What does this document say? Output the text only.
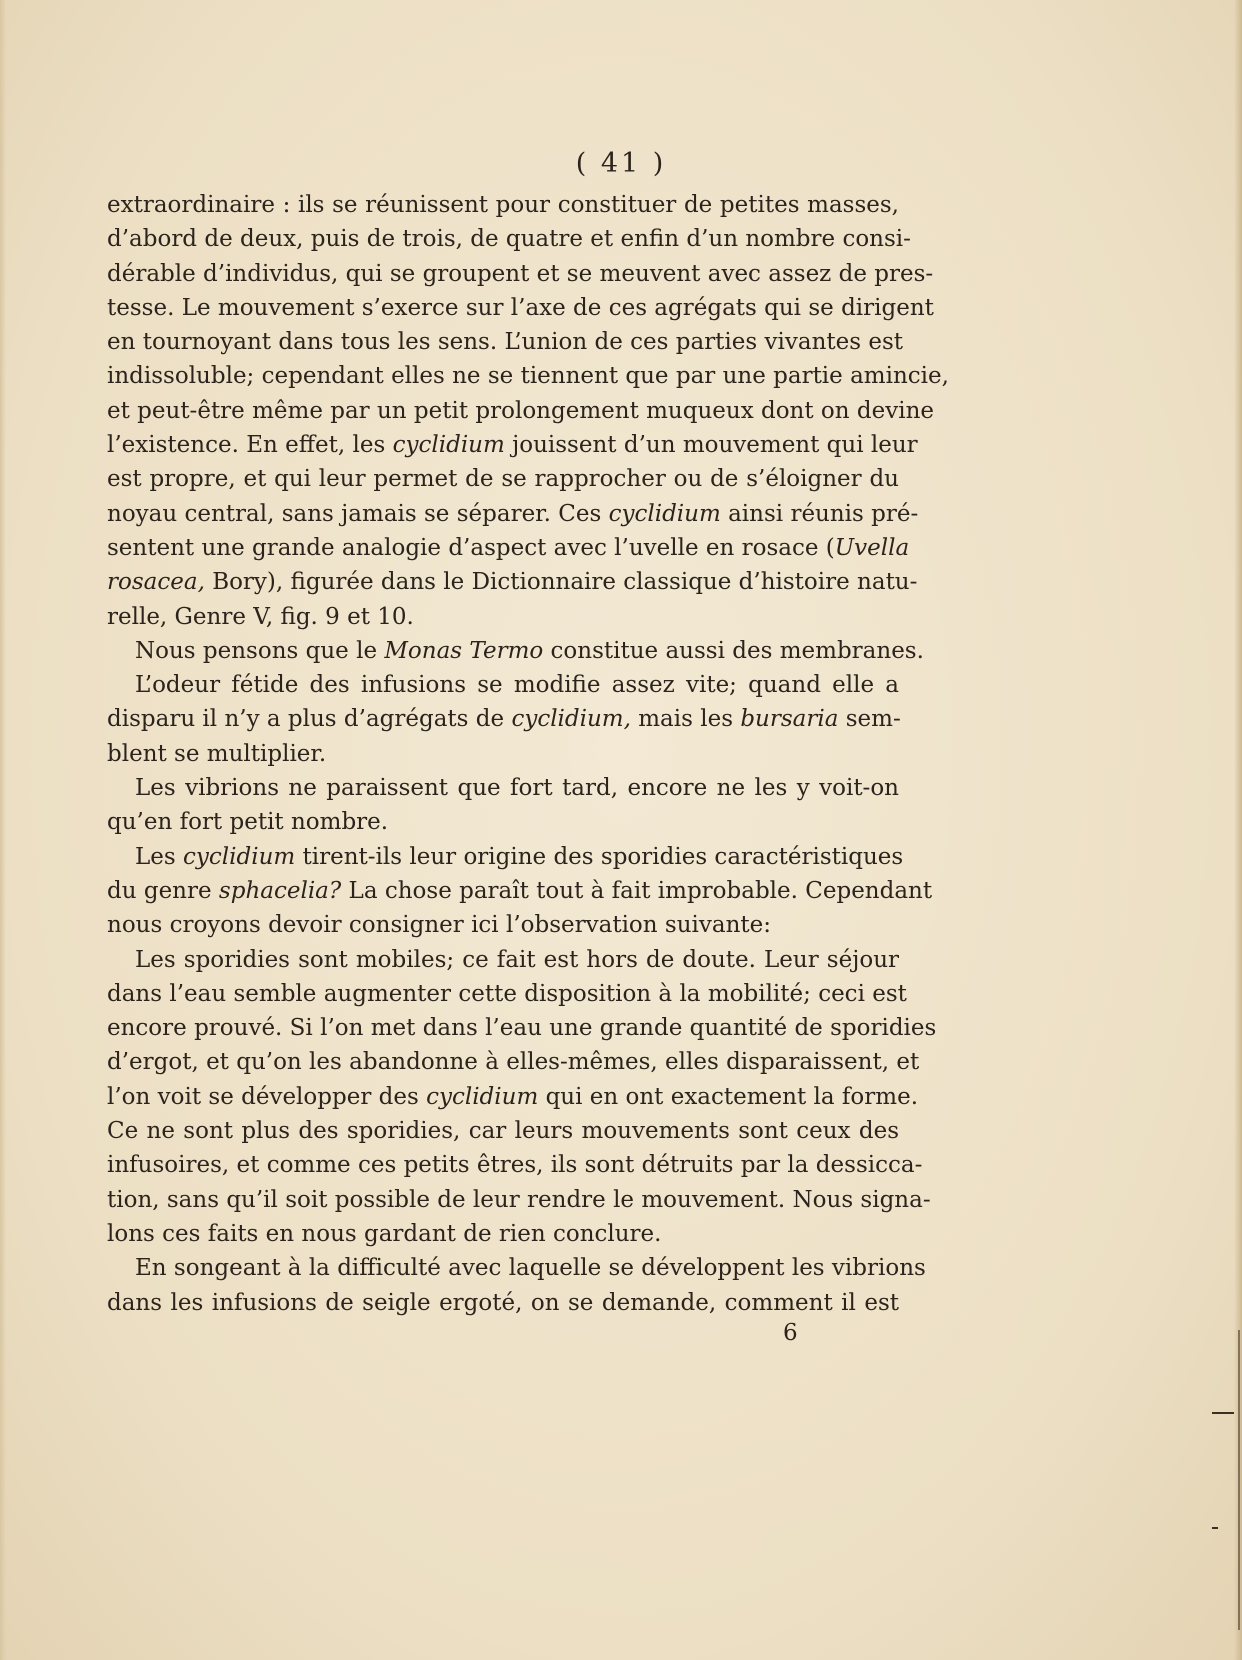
( 41 )
extraordinaire : ils se réunissent pour constituer de petites masses,
d’abord de deux, puis de trois, de quatre et enfin d’un nombre consi-
dérable d’individus, qui se groupent et se meuvent avec assez de pres-
tesse. Le mouvement s’exerce sur l’axe de ces agrégats qui se dirigent
en tournoyant dans tous les sens. L’union de ces parties vivantes est
indissoluble; cependant elles ne se tiennent que par une partie amincie,
et peut-être même par un petit prolongement muqueux dont on devine
l’existence. En effet, les cyclidium jouissent d’un mouvement qui leur
est propre, et qui leur permet de se rapprocher ou de s’éloigner du
noyau central, sans jamais se séparer. Ces cyclidium ainsi réunis pré-
sentent une grande analogie d’aspect avec l’uvelle en rosace (Uvella
rosacea, Bory), figurée dans le Dictionnaire classique d’histoire natu-
relle, Genre V, fig. 9 et 10.
Nous pensons que le Monas Termo constitue aussi des membranes.
L’odeur fétide des infusions se modifie assez vite; quand elle a
disparu il n’y a plus d’agrégats de cyclidium, mais les bursaria sem-
blent se multiplier.
Les vibrions ne paraissent que fort tard, encore ne les y voit-on
qu’en fort petit nombre.
Les cyclidium tirent-ils leur origine des sporidies caractéristiques
du genre sphacelia? La chose paraît tout à fait improbable. Cependant
nous croyons devoir consigner ici l’observation suivante:
Les sporidies sont mobiles; ce fait est hors de doute. Leur séjour
dans l’eau semble augmenter cette disposition à la mobilité; ceci est
encore prouvé. Si l’on met dans l’eau une grande quantité de sporidies
d’ergot, et qu’on les abandonne à elles-mêmes, elles disparaissent, et
l’on voit se développer des cyclidium qui en ont exactement la forme.
Ce ne sont plus des sporidies, car leurs mouvements sont ceux des
infusoires, et comme ces petits êtres, ils sont détruits par la dessicca-
tion, sans qu’il soit possible de leur rendre le mouvement. Nous signa-
lons ces faits en nous gardant de rien conclure.
En songeant à la difficulté avec laquelle se développent les vibrions
dans les infusions de seigle ergoté, on se demande, comment il est
6
